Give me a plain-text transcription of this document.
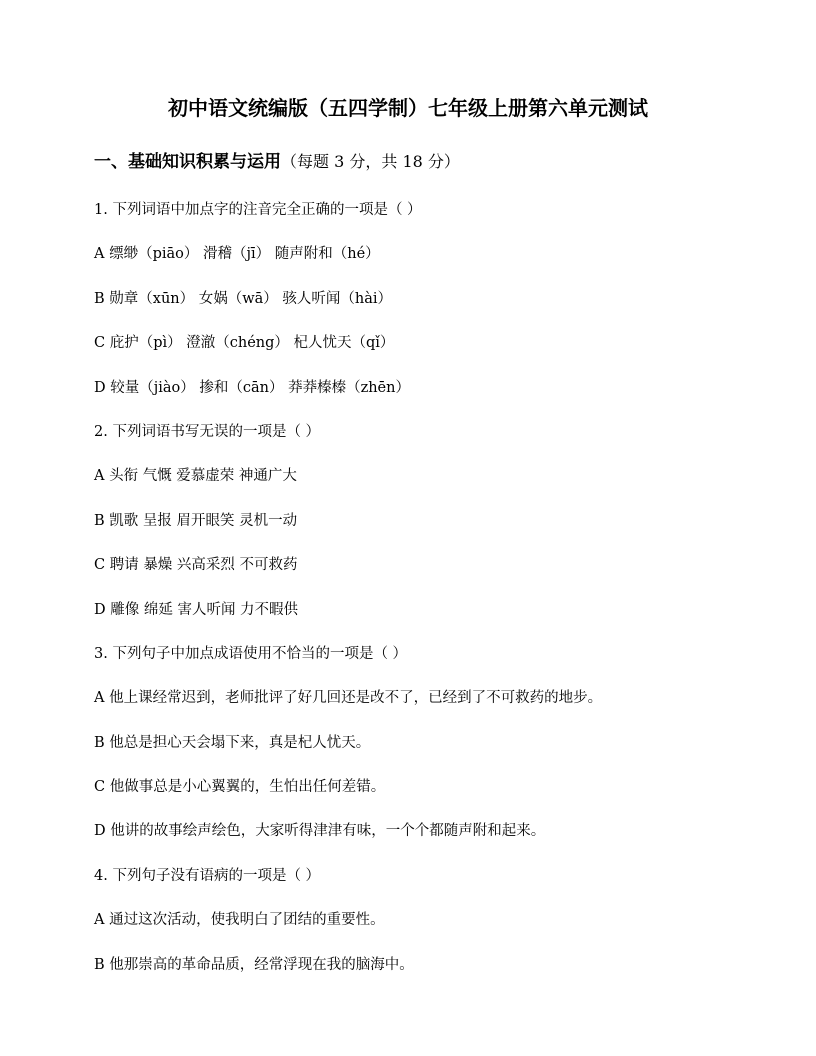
初中语文统编版（五四学制）七年级上册第六单元测试
一、基础知识积累与运用（每题 3 分，共 18 分）
1. 下列词语中加点字的注音完全正确的一项是（ ）
A 缥缈（piāo） 滑稽（jī） 随声附和（hé）
B 勋章（xūn） 女娲（wā） 骇人听闻（hài）
C 庇护（pì） 澄澈（chéng） 杞人忧天（qǐ）
D 较量（jiào） 掺和（cān） 莽莽榛榛（zhēn）
2. 下列词语书写无误的一项是（ ）
A 头衔 气慨 爱慕虚荣 神通广大
B 凯歌 呈报 眉开眼笑 灵机一动
C 聘请 暴燥 兴高采烈 不可救药
D 雕像 绵延 害人听闻 力不暇供
3. 下列句子中加点成语使用不恰当的一项是（ ）
A 他上课经常迟到，老师批评了好几回还是改不了，已经到了不可救药的地步。
B 他总是担心天会塌下来，真是杞人忧天。
C 他做事总是小心翼翼的，生怕出任何差错。
D 他讲的故事绘声绘色，大家听得津津有味，一个个都随声附和起来。
4. 下列句子没有语病的一项是（ ）
A 通过这次活动，使我明白了团结的重要性。
B 他那崇高的革命品质，经常浮现在我的脑海中。
